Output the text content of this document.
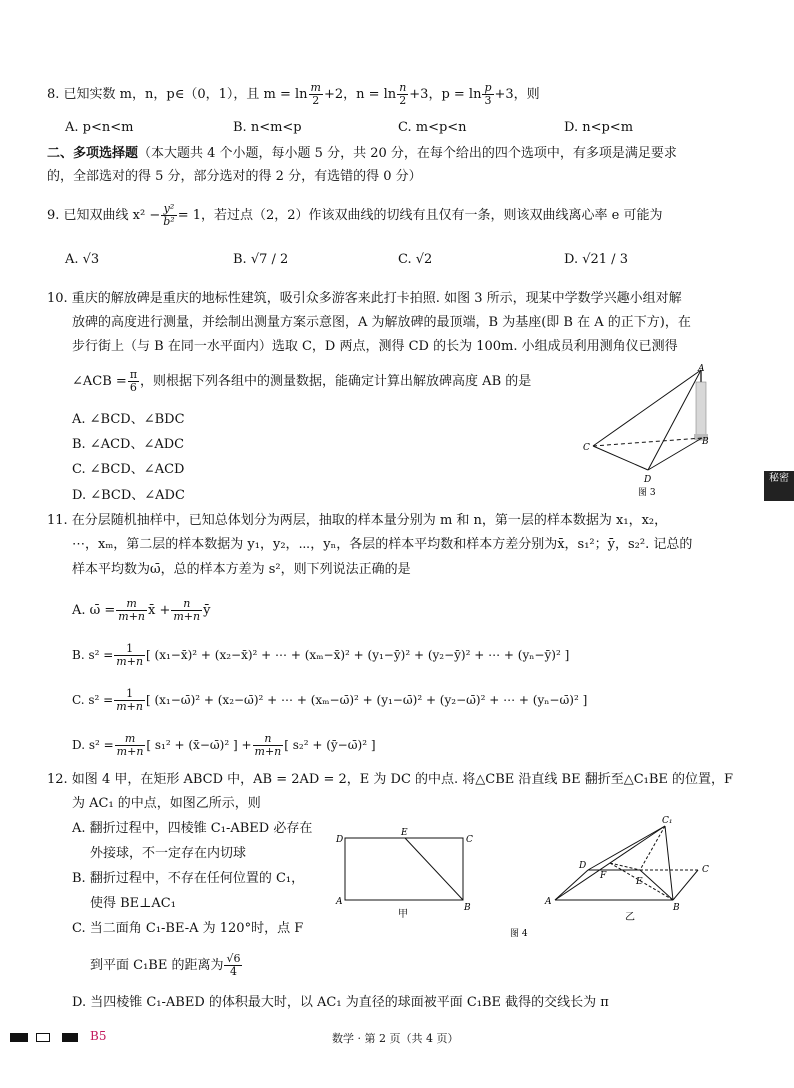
8. 已知实数 m，n，p∈（0，1），且 $m = \ln \frac{m}{2} +2$，$n = \ln \frac{n}{2} +3$，$p = \ln \frac{p}{3} +3$，则
A. p<n<m	B. n<m<p	C. m<p<n	D. n<p<m
二、多项选择题（本大题共 4 个小题，每小题 5 分，共 20 分，在每个给出的四个选项中，有多项是满足要求
的，全部选对的得 5 分，部分选对的得 2 分，有选错的得 0 分）
9. 已知双曲线 $x^2 - \frac{\text{y²}}{\text{b²}} = 1$，若过点（2，2）作该双曲线的切线有且仅有一条，则该双曲线离心率 e 可能为
A. √3	B. √7 / 2	C. √2	D. √21 / 3
10. 重庆的解放碑是重庆的地标性建筑，吸引众多游客来此打卡拍照. 如图 3 所示，现某中学数学兴趣小组对解
放碑的高度进行测量，并绘制出测量方案示意图，A 为解放碑的最顶端，B 为基座(即 B 在 A 的正下方)，在
步行街上（与 B 在同一水平面内）选取 C，D 两点，测得 CD 的长为 100m. 小组成员利用测角仪已测得
∠ACB = $\frac{\pi}{6}$ ，则根据下列各组中的测量数据，能确定计算出解放碑高度 AB 的是
A. ∠BCD、∠BDC
B. ∠ACD、∠ADC
C. ∠BCD、∠ACD
D. ∠BCD、∠ADC
A
B
C
D
图 3
秘密
11. 在分层随机抽样中，已知总体划分为两层，抽取的样本量分别为 m 和 n，第一层的样本数据为 x₁，x₂，
⋯，xₘ，第二层的样本数据为 y₁，y₂，⋯，yₙ，各层的样本平均数和样本方差分别为x̄，s₁²；ȳ，s₂². 记总的
样本平均数为ω̄，总的样本方差为 s²，则下列说法正确的是
A. ω̄ = $\frac{m}{m+n}$ x̄ + $\frac{n}{m+n}$ ȳ
B. $s^2 = \frac{1}{m+n}$ [ (x₁−x̄)² + (x₂−x̄)² + ⋯ + (xₘ−x̄)² + (y₁−ȳ)² + (y₂−ȳ)² + ⋯ + (yₙ−ȳ)² ]
C. $s^2 = \frac{1}{m+n}$ [ (x₁−ω̄)² + (x₂−ω̄)² + ⋯ + (xₘ−ω̄)² + (y₁−ω̄)² + (y₂−ω̄)² + ⋯ + (yₙ−ω̄)² ]
D. $s^2 = \frac{m}{m+n}$ [ s₁² + (x̄−ω̄)² ] + $\frac{n}{m+n}$ [ s₂² + (ȳ−ω̄)² ]
12. 如图 4 甲，在矩形 ABCD 中，AB = 2AD = 2，E 为 DC 的中点. 将△CBE 沿直线 BE 翻折至△C₁BE 的位置，F
为 AC₁ 的中点，如图乙所示，则
A. 翻折过程中，四棱锥 C₁-ABED 必存在
外接球，不一定存在内切球
B. 翻折过程中，不存在任何位置的 C₁，
使得 BE⊥AC₁
C. 当二面角 C₁-BE-A 为 120°时，点 F
到平面 C₁BE 的距离为 $\frac{√6}{4}$
D. 当四棱锥 C₁-ABED 的体积最大时，以 AC₁ 为直径的球面被平面 C₁BE 截得的交线长为 π
D
E
C
A
B
甲
C₁
D
F
E
C
A
B
乙
图 4
B5	数学 · 第 2 页（共 4 页）
